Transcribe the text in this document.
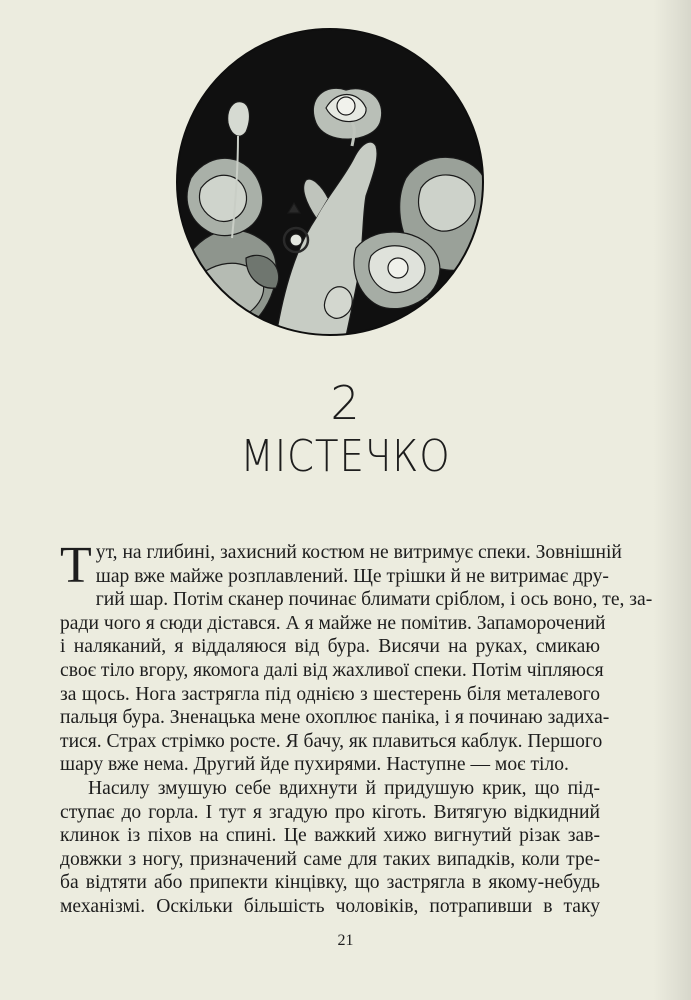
2
МІСТЕЧКО
Т ут, на глибині, захисний костюм не витримує спеки. Зовнішній
шар вже майже розплавлений. Ще трішки й не витримає дру-
гий шар. Потім сканер починає блимати сріблом, і ось воно, те, за-
ради чого я сюди дістався. А я майже не помітив. Запаморочений
і наляканий, я віддаляюся від бура. Висячи на руках, смикаю
своє тіло вгору, якомога далі від жахливої спеки. Потім чіпляюся
за щось. Нога застрягла під однією з шестерень біля металевого
пальця бура. Зненацька мене охоплює паніка, і я починаю задиха-
тися. Страх стрімко росте. Я бачу, як плавиться каблук. Першого
шару вже нема. Другий йде пухирями. Наступне — моє тіло.
Насилу змушую себе вдихнути й придушую крик, що під-
ступає до горла. І тут я згадую про кіготь. Витягую відкидний
клинок із піхов на спині. Це важкий хижо вигнутий різак зав-
довжки з ногу, призначений саме для таких випадків, коли тре-
ба відтяти або припекти кінцівку, що застрягла в якому-небудь
механізмі. Оскільки більшість чоловіків, потрапивши в таку
21
